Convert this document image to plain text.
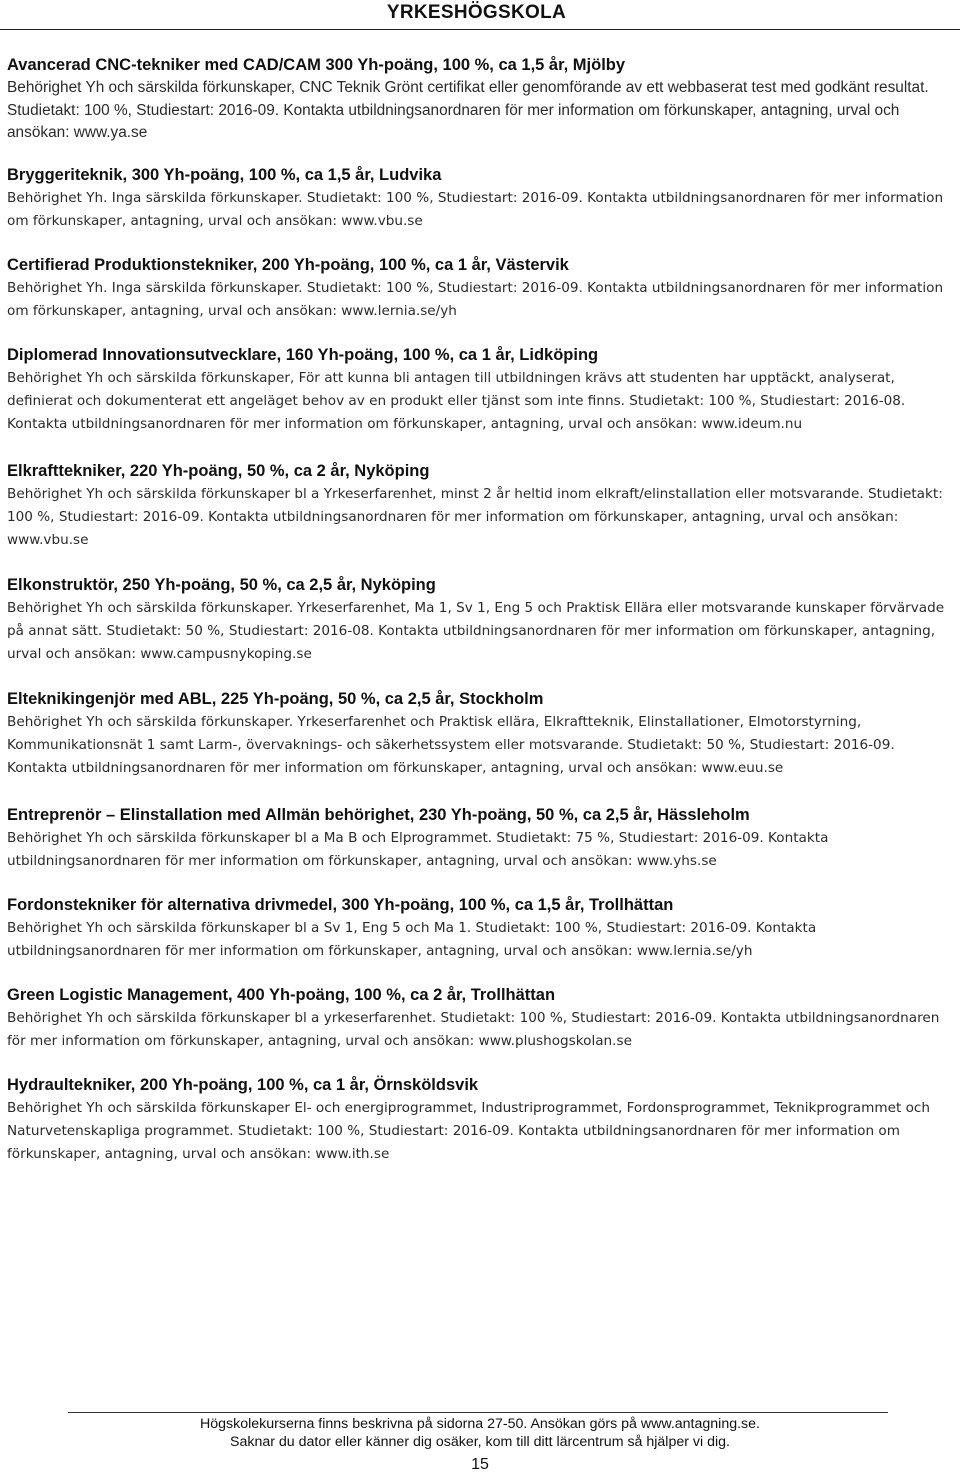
YRKESHÖGSKOLA
Avancerad CNC-tekniker med CAD/CAM 300 Yh-poäng, 100 %, ca 1,5 år, Mjölby
Behörighet Yh och särskilda förkunskaper, CNC Teknik Grönt certifikat eller genomförande av ett webbaserat test med godkänt resultat. Studietakt: 100 %, Studiestart: 2016-09. Kontakta utbildningsanordnaren för mer information om förkunskaper, antagning, urval och ansökan: www.ya.se
Bryggeriteknik, 300 Yh-poäng, 100 %, ca 1,5 år, Ludvika
Behörighet Yh. Inga särskilda förkunskaper. Studietakt: 100 %, Studiestart: 2016-09. Kontakta utbildningsanordnaren för mer information om förkunskaper, antagning, urval och ansökan: www.vbu.se
Certifierad Produktionstekniker, 200 Yh-poäng, 100 %, ca 1 år, Västervik
Behörighet Yh. Inga särskilda förkunskaper. Studietakt: 100 %, Studiestart: 2016-09. Kontakta utbildningsanordnaren för mer information om förkunskaper, antagning, urval och ansökan: www.lernia.se/yh
Diplomerad Innovationsutvecklare, 160 Yh-poäng, 100 %, ca 1 år, Lidköping
Behörighet Yh och särskilda förkunskaper, För att kunna bli antagen till utbildningen krävs att studenten har upptäckt, analyserat, definierat och dokumenterat ett angeläget behov av en produkt eller tjänst som inte finns. Studietakt: 100 %, Studiestart: 2016-08. Kontakta utbildningsanordnaren för mer information om förkunskaper, antagning, urval och ansökan: www.ideum.nu
Elkrafttekniker, 220 Yh-poäng, 50 %, ca 2 år, Nyköping
Behörighet Yh och särskilda förkunskaper bl a Yrkeserfarenhet, minst 2 år heltid inom elkraft/elinstallation eller motsvarande. Studietakt: 100 %, Studiestart: 2016-09. Kontakta utbildningsanordnaren för mer information om förkunskaper, antagning, urval och ansökan: www.vbu.se
Elkonstruktör, 250 Yh-poäng, 50 %, ca 2,5 år, Nyköping
Behörighet Yh och särskilda förkunskaper. Yrkeserfarenhet, Ma 1, Sv 1, Eng 5 och Praktisk Ellära eller motsvarande kunskaper förvärvade på annat sätt. Studietakt: 50 %, Studiestart: 2016-08. Kontakta utbildningsanordnaren för mer information om förkunskaper, antagning, urval och ansökan: www.campusnykoping.se
Elteknikingenjör med ABL, 225 Yh-poäng, 50 %, ca 2,5 år, Stockholm
Behörighet Yh och särskilda förkunskaper. Yrkeserfarenhet och Praktisk ellära, Elkraftteknik, Elinstallationer, Elmotorstyrning, Kommunikationsnät 1 samt Larm-, övervaknings- och säkerhetssystem eller motsvarande. Studietakt: 50 %, Studiestart: 2016-09. Kontakta utbildningsanordnaren för mer information om förkunskaper, antagning, urval och ansökan: www.euu.se
Entreprenör – Elinstallation med Allmän behörighet, 230 Yh-poäng, 50 %, ca 2,5 år, Hässleholm
Behörighet Yh och särskilda förkunskaper bl a Ma B och Elprogrammet. Studietakt: 75 %, Studiestart: 2016-09. Kontakta utbildningsanordnaren för mer information om förkunskaper, antagning, urval och ansökan: www.yhs.se
Fordonstekniker för alternativa drivmedel, 300 Yh-poäng, 100 %, ca 1,5 år, Trollhättan
Behörighet Yh och särskilda förkunskaper bl a Sv 1, Eng 5 och Ma 1. Studietakt: 100 %, Studiestart: 2016-09. Kontakta utbildningsanordnaren för mer information om förkunskaper, antagning, urval och ansökan: www.lernia.se/yh
Green Logistic Management, 400 Yh-poäng, 100 %, ca 2 år, Trollhättan
Behörighet Yh och särskilda förkunskaper bl a yrkeserfarenhet. Studietakt: 100 %, Studiestart: 2016-09. Kontakta utbildningsanordnaren för mer information om förkunskaper, antagning, urval och ansökan: www.plushogskolan.se
Hydraultekniker, 200 Yh-poäng, 100 %, ca 1 år, Örnsköldsvik
Behörighet Yh och särskilda förkunskaper El- och energiprogrammet, Industriprogrammet, Fordonsprogrammet, Teknikprogrammet och Naturvetenskapliga programmet. Studietakt: 100 %, Studiestart: 2016-09. Kontakta utbildningsanordnaren för mer information om förkunskaper, antagning, urval och ansökan: www.ith.se
Högskolekurserna finns beskrivna på sidorna 27-50. Ansökan görs på www.antagning.se.
Saknar du dator eller känner dig osäker, kom till ditt lärcentrum så hjälper vi dig.
15
